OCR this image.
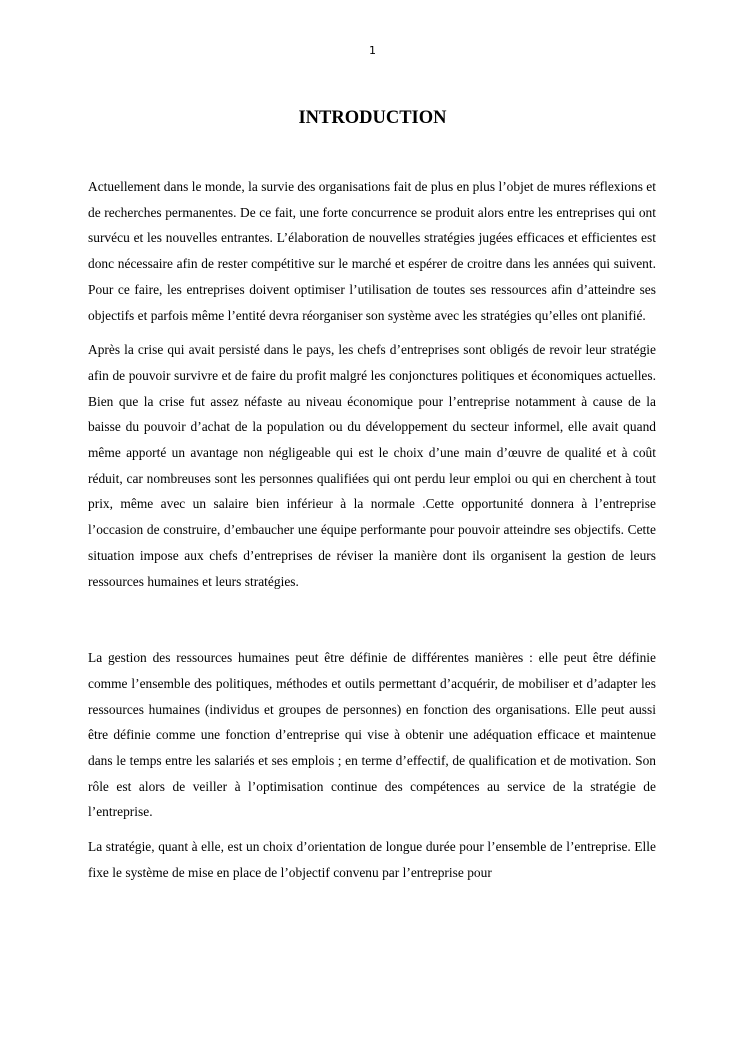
1
INTRODUCTION

Actuellement dans le monde, la survie des organisations fait de plus en plus l’objet de mures réflexions et de recherches permanentes. De ce fait, une forte concurrence se produit alors entre les entreprises qui ont survécu et les nouvelles entrantes. L’élaboration de nouvelles stratégies jugées efficaces et efficientes est donc nécessaire afin de rester compétitive sur le marché et espérer de croitre dans les années qui suivent. Pour ce faire, les entreprises doivent optimiser l’utilisation de toutes ses ressources afin d’atteindre ses objectifs et parfois même l’entité devra réorganiser son système avec les stratégies qu’elles ont planifié.

Après la crise qui avait persisté dans le pays, les chefs d’entreprises sont obligés de revoir leur stratégie afin de pouvoir survivre et de faire du profit malgré les conjonctures politiques et économiques actuelles. Bien que la crise fut assez néfaste au niveau économique pour l’entreprise notamment à cause de la baisse du pouvoir d’achat de la population ou du développement du secteur informel, elle avait quand même apporté un avantage non négligeable qui est le choix d’une main d’œuvre de qualité et à coût réduit, car nombreuses sont les personnes qualifiées qui ont perdu leur emploi ou qui en cherchent à tout prix, même avec un salaire bien inférieur à la normale .Cette opportunité donnera à l’entreprise l’occasion de construire, d’embaucher une équipe performante pour pouvoir atteindre ses objectifs. Cette situation impose aux chefs d’entreprises de réviser la manière dont ils organisent la gestion de leurs ressources humaines et leurs stratégies.

La gestion des ressources humaines peut être définie de différentes manières : elle peut être définie comme l’ensemble des politiques, méthodes et outils permettant d’acquérir, de mobiliser et d’adapter les ressources humaines (individus et groupes de personnes) en fonction des organisations. Elle peut aussi être définie comme une fonction d’entreprise qui vise à obtenir une adéquation efficace et maintenue dans le temps entre les salariés et ses emplois ; en terme d’effectif, de qualification et de motivation. Son rôle est alors de veiller à l’optimisation continue des compétences au service de la stratégie de l’entreprise.

La stratégie, quant à elle, est un choix d’orientation de longue durée pour l’ensemble de l’entreprise. Elle fixe le système de mise en place de l’objectif convenu par l’entreprise pour
